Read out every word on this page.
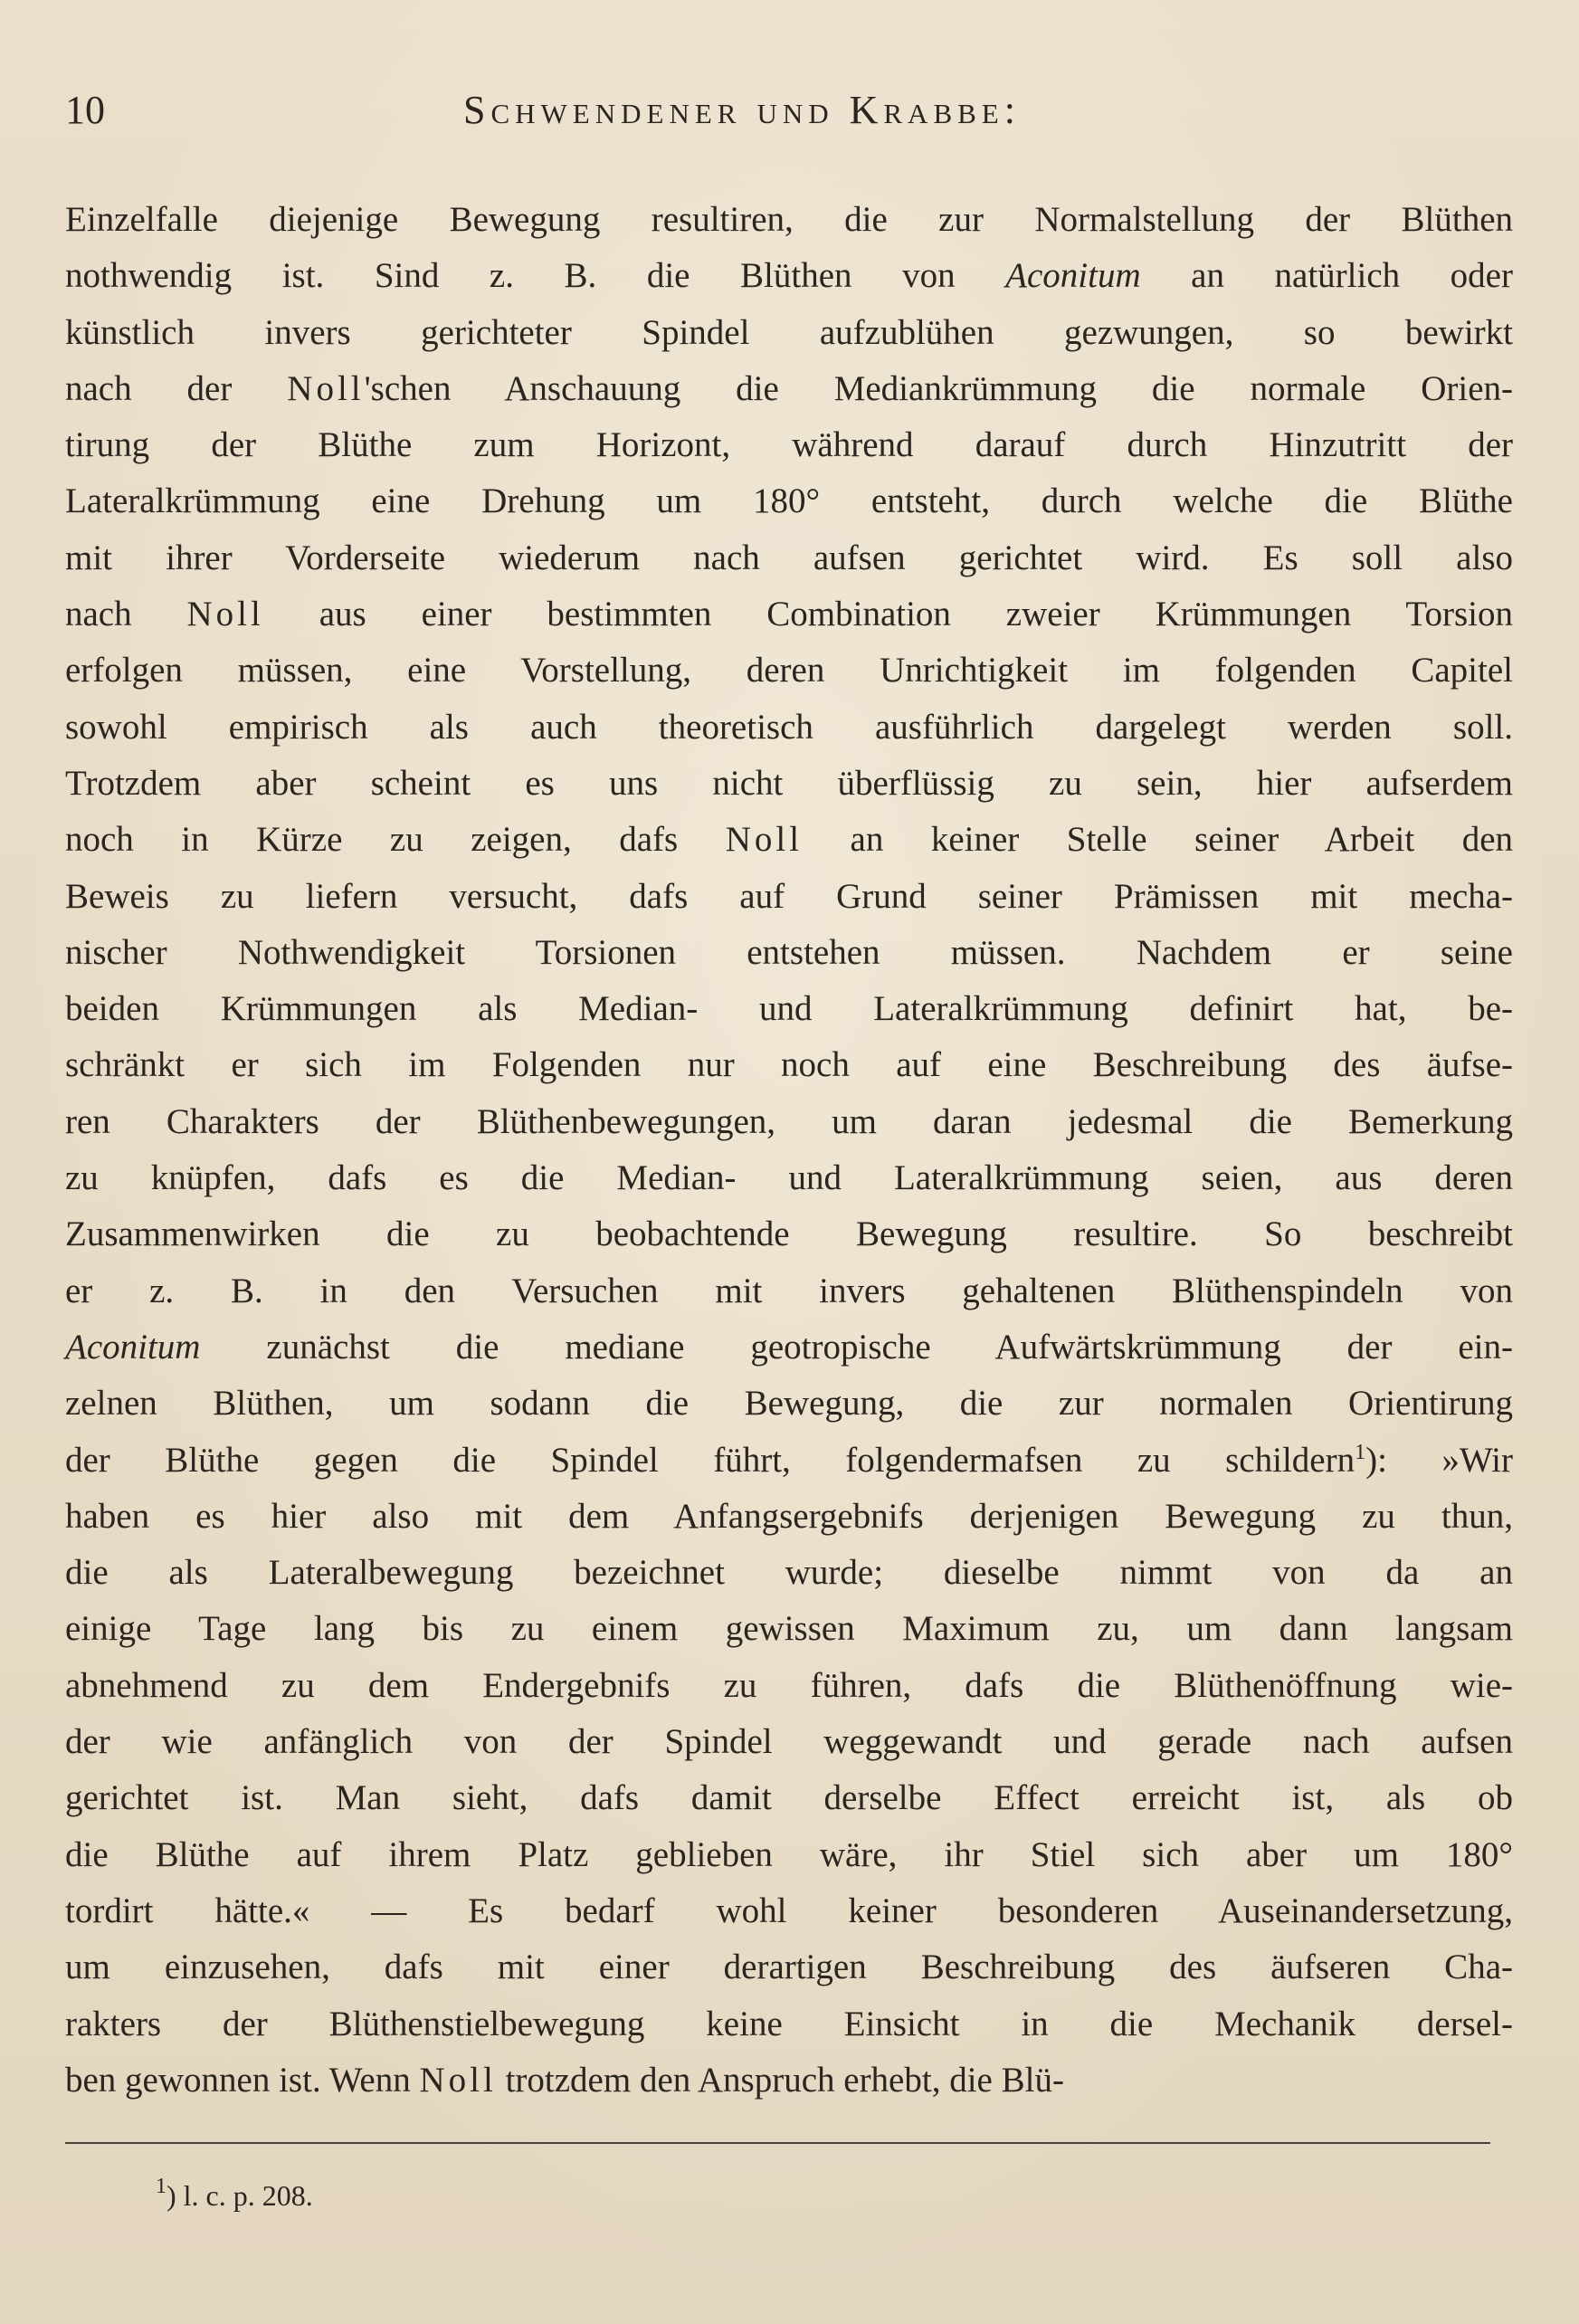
10	Schwendener und Krabbe:
Einzelfalle diejenige Bewegung resultiren, die zur Normalstellung der Blüthen
nothwendig ist. Sind z. B. die Blüthen von Aconitum an natürlich oder
künstlich invers gerichteter Spindel aufzublühen gezwungen, so bewirkt
nach der Noll'schen Anschauung die Mediankrümmung die normale Orien-
tirung der Blüthe zum Horizont, während darauf durch Hinzutritt der
Lateralkrümmung eine Drehung um 180° entsteht, durch welche die Blüthe
mit ihrer Vorderseite wiederum nach aufsen gerichtet wird. Es soll also
nach Noll aus einer bestimmten Combination zweier Krümmungen Torsion
erfolgen müssen, eine Vorstellung, deren Unrichtigkeit im folgenden Capitel
sowohl empirisch als auch theoretisch ausführlich dargelegt werden soll.
Trotzdem aber scheint es uns nicht überflüssig zu sein, hier aufserdem
noch in Kürze zu zeigen, dafs Noll an keiner Stelle seiner Arbeit den
Beweis zu liefern versucht, dafs auf Grund seiner Prämissen mit mecha-
nischer Nothwendigkeit Torsionen entstehen müssen. Nachdem er seine
beiden Krümmungen als Median- und Lateralkrümmung definirt hat, be-
schränkt er sich im Folgenden nur noch auf eine Beschreibung des äufse-
ren Charakters der Blüthenbewegungen, um daran jedesmal die Bemerkung
zu knüpfen, dafs es die Median- und Lateralkrümmung seien, aus deren
Zusammenwirken die zu beobachtende Bewegung resultire. So beschreibt
er z. B. in den Versuchen mit invers gehaltenen Blüthenspindeln von
Aconitum zunächst die mediane geotropische Aufwärtskrümmung der ein-
zelnen Blüthen, um sodann die Bewegung, die zur normalen Orientirung
der Blüthe gegen die Spindel führt, folgendermafsen zu schildern$^1$): »Wir
haben es hier also mit dem Anfangsergebnifs derjenigen Bewegung zu thun,
die als Lateralbewegung bezeichnet wurde; dieselbe nimmt von da an
einige Tage lang bis zu einem gewissen Maximum zu, um dann langsam
abnehmend zu dem Endergebnifs zu führen, dafs die Blüthenöffnung wie-
der wie anfänglich von der Spindel weggewandt und gerade nach aufsen
gerichtet ist. Man sieht, dafs damit derselbe Effect erreicht ist, als ob
die Blüthe auf ihrem Platz geblieben wäre, ihr Stiel sich aber um 180°
tordirt hätte.« — Es bedarf wohl keiner besonderen Auseinandersetzung,
um einzusehen, dafs mit einer derartigen Beschreibung des äufseren Cha-
rakters der Blüthenstielbewegung keine Einsicht in die Mechanik dersel-
ben gewonnen ist. Wenn Noll trotzdem den Anspruch erhebt, die Blü-
$^1$) l. c. p. 208.
